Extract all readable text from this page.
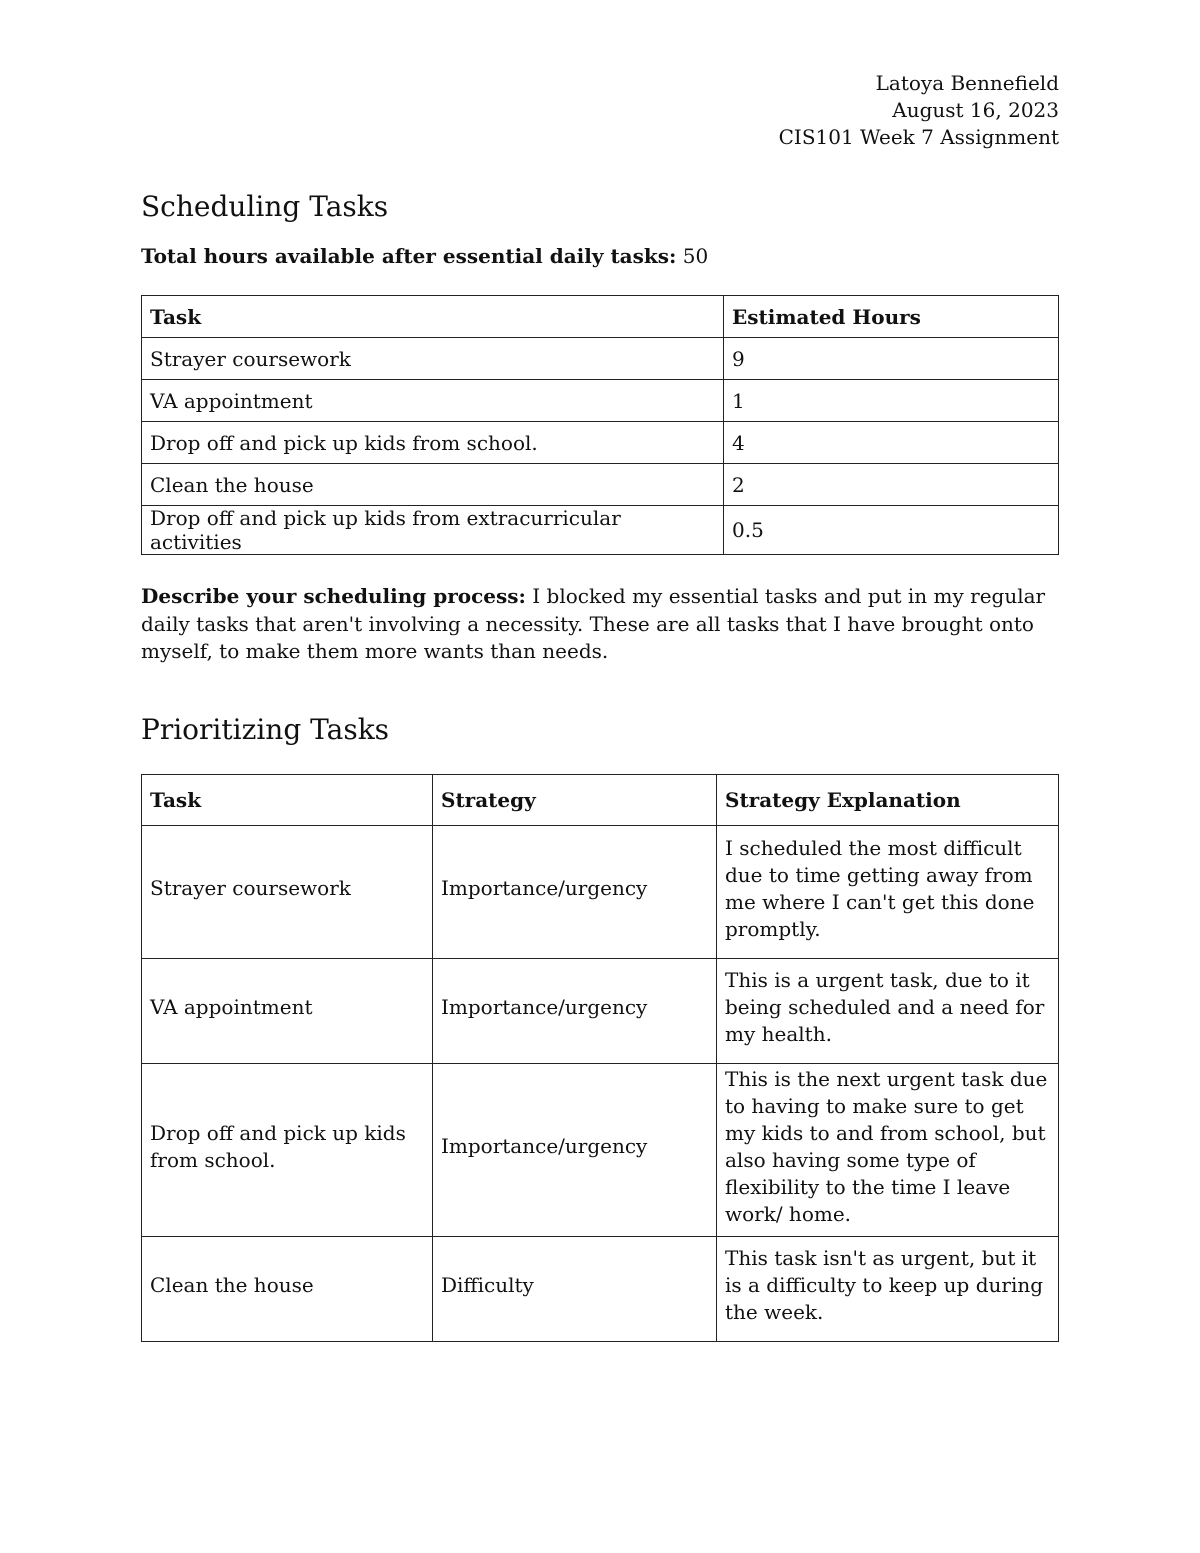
Latoya Bennefield
August 16, 2023
CIS101 Week 7 Assignment
Scheduling Tasks
Total hours available after essential daily tasks: 50
Task	Estimated Hours
Strayer coursework	9
VA appointment	1
Drop off and pick up kids from school.	4
Clean the house	2
Drop off and pick up kids from extracurricular activities	0.5
Describe your scheduling process: I blocked my essential tasks and put in my regular daily tasks that aren't involving a necessity. These are all tasks that I have brought onto myself, to make them more wants than needs.
Prioritizing Tasks
Task	Strategy	Strategy Explanation
Strayer coursework	Importance/urgency	I scheduled the most difficult due to time getting away from me where I can't get this done promptly.
VA appointment	Importance/urgency	This is a urgent task, due to it being scheduled and a need for my health.
Drop off and pick up kids from school.	Importance/urgency	This is the next urgent task due to having to make sure to get my kids to and from school, but also having some type of flexibility to the time I leave work/ home.
Clean the house	Difficulty	This task isn't as urgent, but it is a difficulty to keep up during the week.
